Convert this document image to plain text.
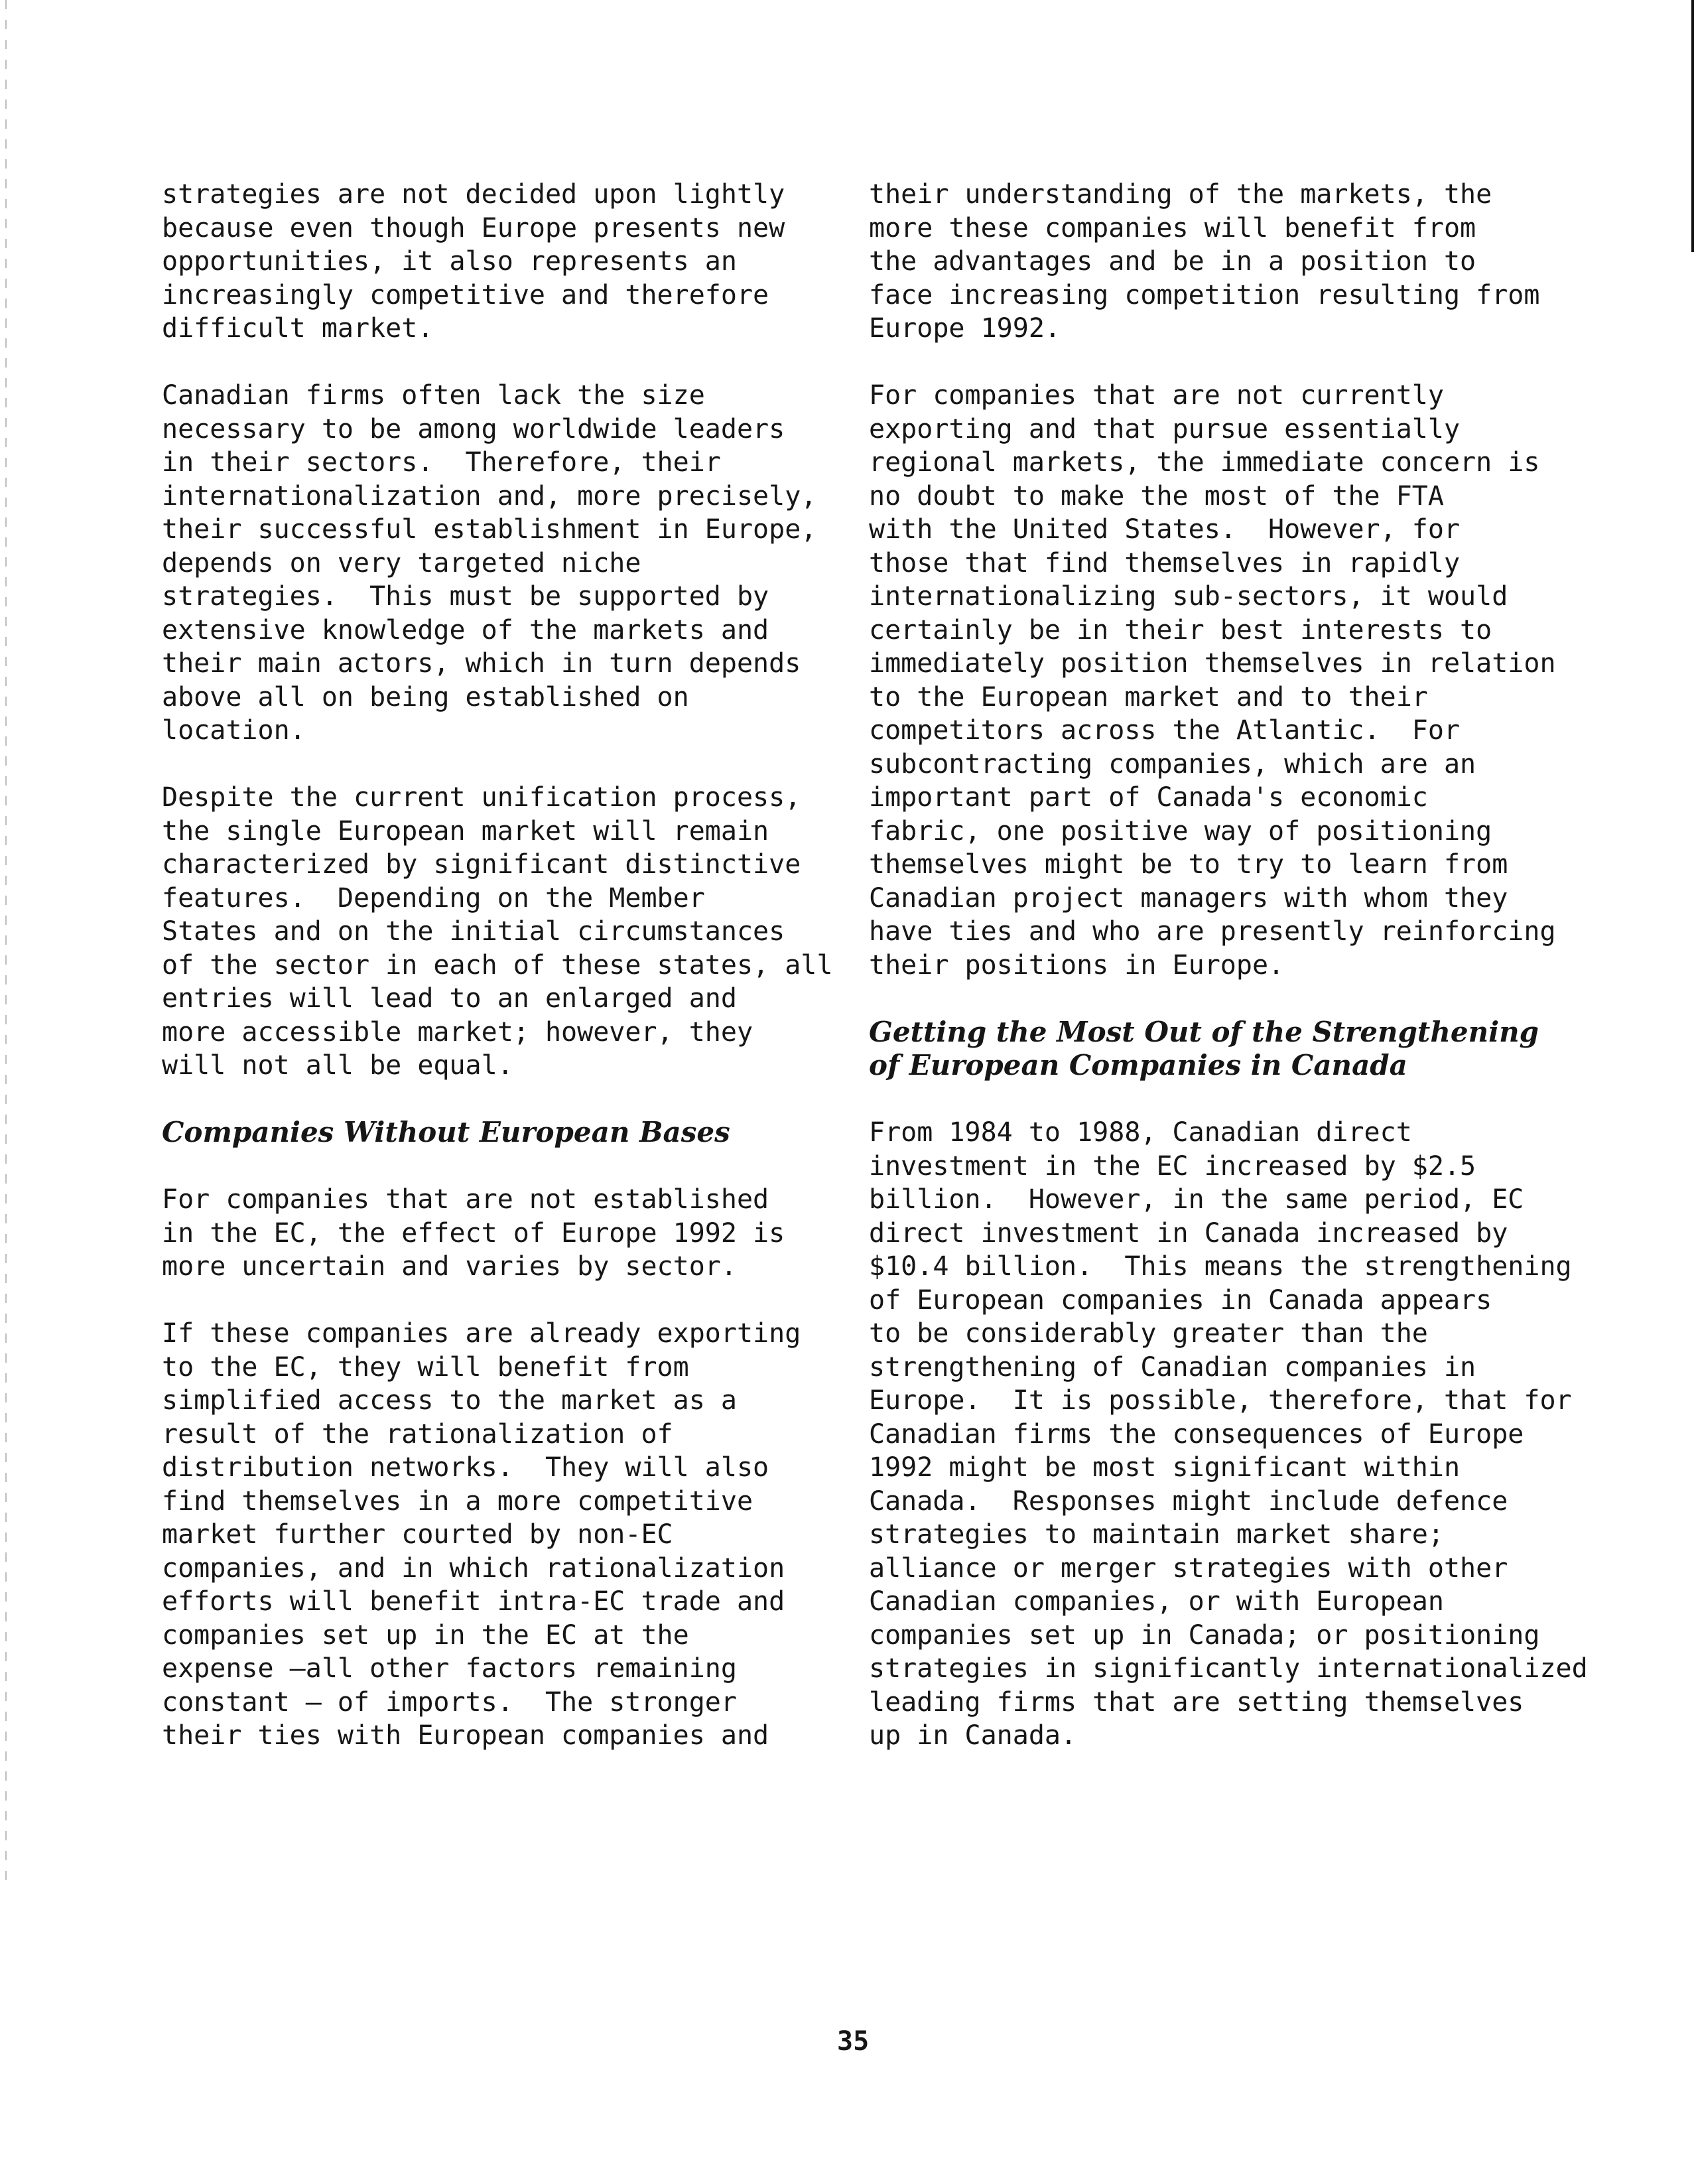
strategies are not decided upon lightly
because even though Europe presents new
opportunities, it also represents an
increasingly competitive and therefore
difficult market.
Canadian firms often lack the size
necessary to be among worldwide leaders
in their sectors.  Therefore, their
internationalization and, more precisely,
their successful establishment in Europe,
depends on very targeted niche
strategies.  This must be supported by
extensive knowledge of the markets and
their main actors, which in turn depends
above all on being established on
location.
Despite the current unification process,
the single European market will remain
characterized by significant distinctive
features.  Depending on the Member
States and on the initial circumstances
of the sector in each of these states, all
entries will lead to an enlarged and
more accessible market; however, they
will not all be equal.
Companies Without European Bases
For companies that are not established
in the EC, the effect of Europe 1992 is
more uncertain and varies by sector.
If these companies are already exporting
to the EC, they will benefit from
simplified access to the market as a
result of the rationalization of
distribution networks.  They will also
find themselves in a more competitive
market further courted by non-EC
companies, and in which rationalization
efforts will benefit intra-EC trade and
companies set up in the EC at the
expense —all other factors remaining
constant — of imports.  The stronger
their ties with European companies and
their understanding of the markets, the
more these companies will benefit from
the advantages and be in a position to
face increasing competition resulting from
Europe 1992.
For companies that are not currently
exporting and that pursue essentially
regional markets, the immediate concern is
no doubt to make the most of the FTA
with the United States.  However, for
those that find themselves in rapidly
internationalizing sub-sectors, it would
certainly be in their best interests to
immediately position themselves in relation
to the European market and to their
competitors across the Atlantic.  For
subcontracting companies, which are an
important part of Canada's economic
fabric, one positive way of positioning
themselves might be to try to learn from
Canadian project managers with whom they
have ties and who are presently reinforcing
their positions in Europe.
Getting the Most Out of the Strengthening
of European Companies in Canada
From 1984 to 1988, Canadian direct
investment in the EC increased by $2.5
billion.  However, in the same period, EC
direct investment in Canada increased by
$10.4 billion.  This means the strengthening
of European companies in Canada appears
to be considerably greater than the
strengthening of Canadian companies in
Europe.  It is possible, therefore, that for
Canadian firms the consequences of Europe
1992 might be most significant within
Canada.  Responses might include defence
strategies to maintain market share;
alliance or merger strategies with other
Canadian companies, or with European
companies set up in Canada; or positioning
strategies in significantly internationalized
leading firms that are setting themselves
up in Canada.
35
